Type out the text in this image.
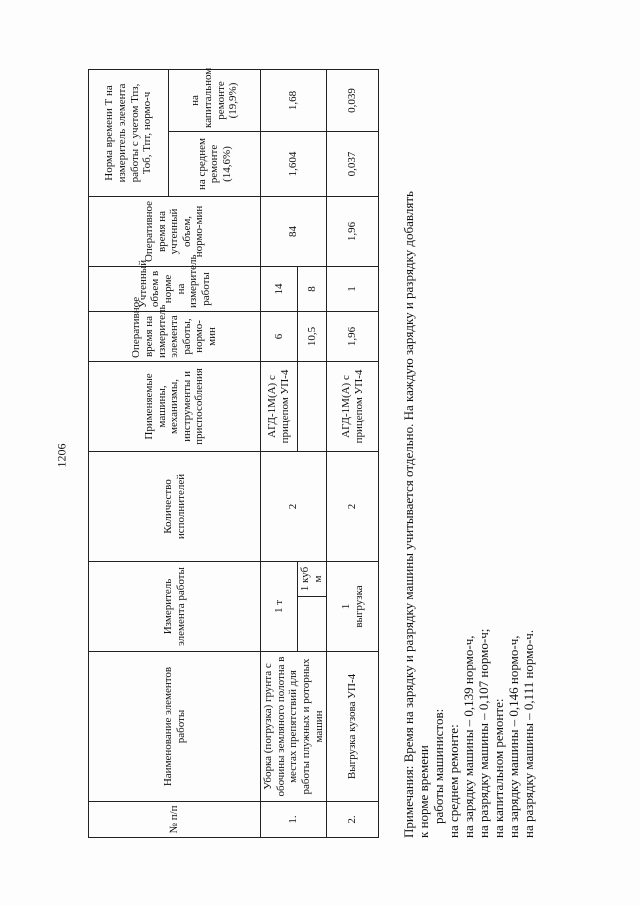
1206
№ п/п	Наименование элементов работы	Измеритель элемента работы		Количество исполнителей	Применяемые машины, механизмы, инструменты и приспособления	Оперативное время на измеритель элемента работы, нормо-мин	Учтенный объем в норме на измеритель работы	Оперативное время на учтенный объем, нормо-мин	Норма времени Т на измеритель элемента работы с учетом Тпз, Тоб, Тпт, нормо-ч	
									на среднем ремонте (14,6%)	на капитальном ремонте (19,9%)
1.	Уборка (погрузка) грунта с обочины земляного полотна в местах препятствий для работы плужных и роторных машин	1 т		2	АГД-1М(А) с прицепом УП-4	6	14	84	1,604	1,68
			1 куб м			10,5	8			
2.	Выгрузка кузова УП-4	1 выгрузка		2	АГД-1М(А) с прицепом УП-4	1,96	1	1,96	0,037	0,039
Примечания: Время на зарядку и разрядку машины учитывается отдельно. На каждую зарядку и разрядку добавлять к норме времени работы машинистов: на среднем ремонте: на зарядку машины – 0,139 нормо-ч, на разрядку машины – 0,107 нормо-ч; на капитальном ремонте: на зарядку машины – 0,146 нормо-ч, на разрядку машины – 0,111 нормо-ч.
